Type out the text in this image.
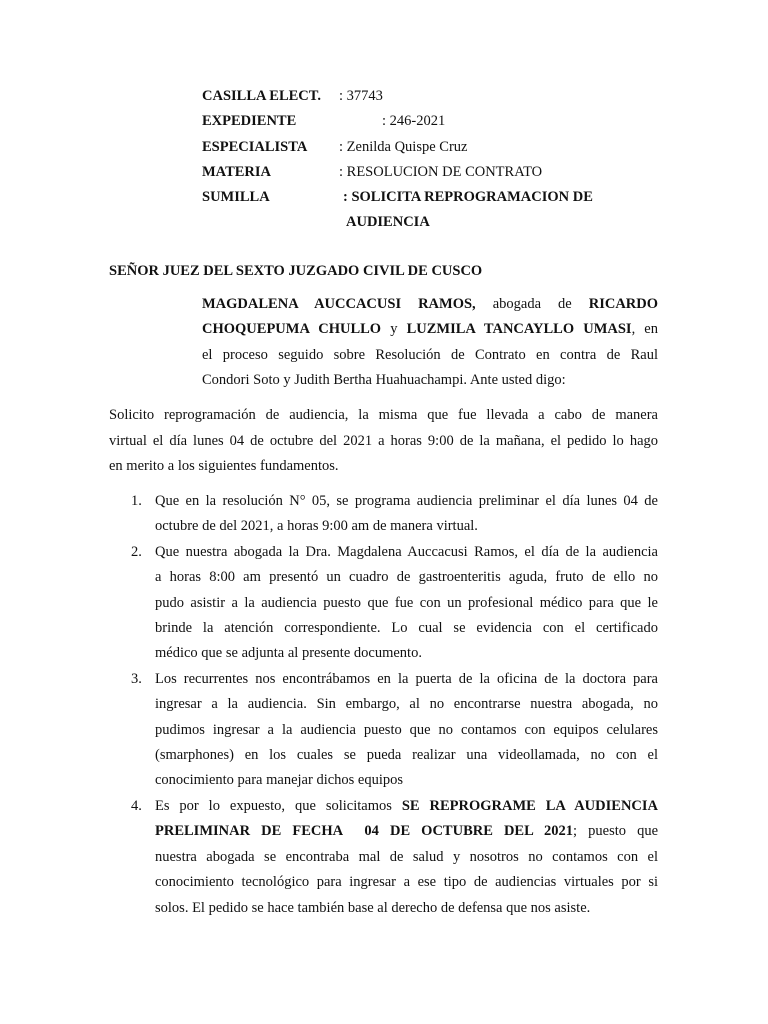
CASILLA ELECT. : 37743
EXPEDIENTE	: 246-2021
ESPECIALISTA : Zenilda Quispe Cruz
MATERIA	: RESOLUCION DE CONTRATO
SUMILLA	: SOLICITA REPROGRAMACION DE
AUDIENCIA
SEÑOR JUEZ DEL SEXTO JUZGADO CIVIL DE CUSCO
MAGDALENA AUCCACUSI RAMOS, abogada de RICARDO
CHOQUEPUMA CHULLO y LUZMILA TANCAYLLO UMASI, en
el proceso seguido sobre Resolución de Contrato en contra de Raul
Condori Soto y Judith Bertha Huahuachampi. Ante usted digo:
Solicito reprogramación de audiencia, la misma que fue llevada a cabo de manera
virtual el día lunes 04 de octubre del 2021 a horas 9:00 de la mañana, el pedido lo hago
en merito a los siguientes fundamentos.
1. Que en la resolución N° 05, se programa audiencia preliminar el día lunes 04 de
octubre de del 2021, a horas 9:00 am de manera virtual.
2. Que nuestra abogada la Dra. Magdalena Auccacusi Ramos, el día de la audiencia
a horas 8:00 am presentó un cuadro de gastroenteritis aguda, fruto de ello no
pudo asistir a la audiencia puesto que fue con un profesional médico para que le
brinde la atención correspondiente. Lo cual se evidencia con el certificado
médico que se adjunta al presente documento.
3. Los recurrentes nos encontrábamos en la puerta de la oficina de la doctora para
ingresar a la audiencia. Sin embargo, al no encontrarse nuestra abogada, no
pudimos ingresar a la audiencia puesto que no contamos con equipos celulares
(smarphones) en los cuales se pueda realizar una videollamada, no con el
conocimiento para manejar dichos equipos
4. Es por lo expuesto, que solicitamos SE REPROGRAME LA AUDIENCIA
PRELIMINAR DE FECHA  04 DE OCTUBRE DEL 2021; puesto que
nuestra abogada se encontraba mal de salud y nosotros no contamos con el
conocimiento tecnológico para ingresar a ese tipo de audiencias virtuales por si
solos. El pedido se hace también base al derecho de defensa que nos asiste.
